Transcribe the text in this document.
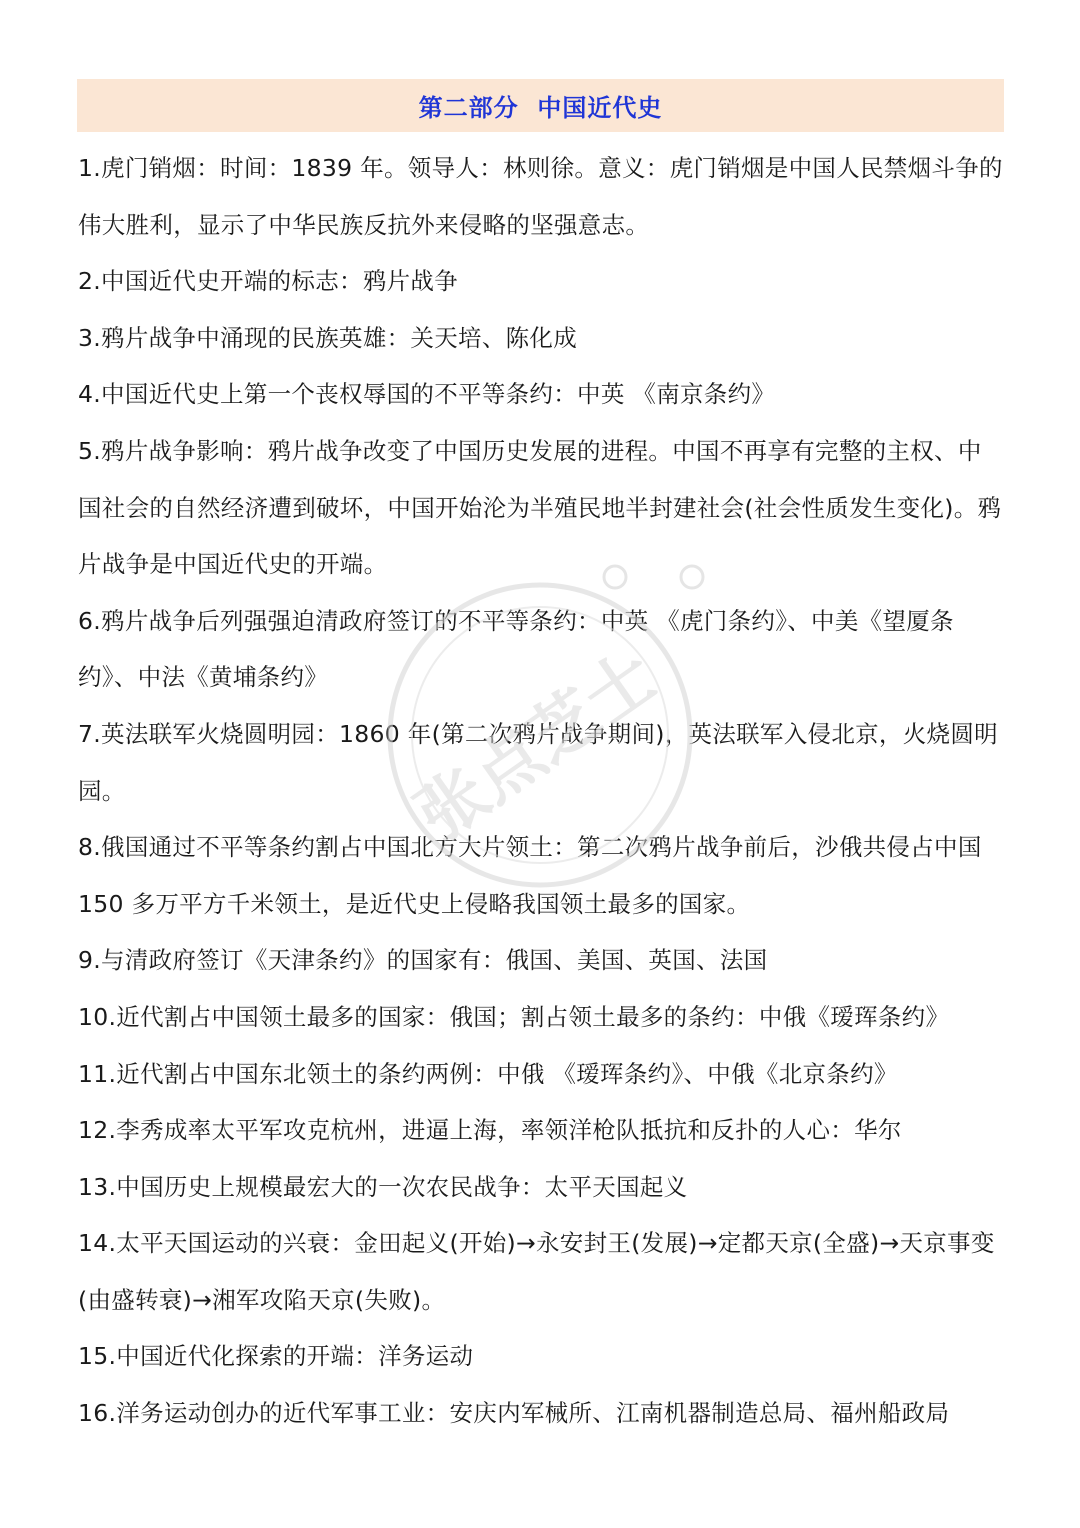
第二部分  中国近代史

1.虎门销烟：时间：1839 年。领导人：林则徐。意义：虎门销烟是中国人民禁烟斗争的伟大胜利，显示了中华民族反抗外来侵略的坚强意志。

2.中国近代史开端的标志：鸦片战争

3.鸦片战争中涌现的民族英雄：关天培、陈化成

4.中国近代史上第一个丧权辱国的不平等条约：中英 《南京条约》

5.鸦片战争影响：鸦片战争改变了中国历史发展的进程。中国不再享有完整的主权、中国社会的自然经济遭到破坏，中国开始沦为半殖民地半封建社会(社会性质发生变化)。鸦片战争是中国近代史的开端。

6.鸦片战争后列强强迫清政府签订的不平等条约：中英 《虎门条约》、中美《望厦条约》、中法《黄埔条约》

7.英法联军火烧圆明园：1860 年(第二次鸦片战争期间)，英法联军入侵北京，火烧圆明园。

8.俄国通过不平等条约割占中国北方大片领土：第二次鸦片战争前后，沙俄共侵占中国 150 多万平方千米领土，是近代史上侵略我国领土最多的国家。

9.与清政府签订《天津条约》的国家有：俄国、美国、英国、法国

10.近代割占中国领土最多的国家：俄国；割占领土最多的条约：中俄《瑷珲条约》

11.近代割占中国东北领土的条约两例：中俄 《瑷珲条约》、中俄《北京条约》

12.李秀成率太平军攻克杭州，进逼上海，率领洋枪队抵抗和反扑的人心：华尔

13.中国历史上规模最宏大的一次农民战争：太平天国起义

14.太平天国运动的兴衰：金田起义(开始)→永安封王(发展)→定都天京(全盛)→天京事变(由盛转衰)→湘军攻陷天京(失败)。

15.中国近代化探索的开端：洋务运动

16.洋务运动创办的近代军事工业：安庆内军械所、江南机器制造总局、福州船政局

张点芝士
